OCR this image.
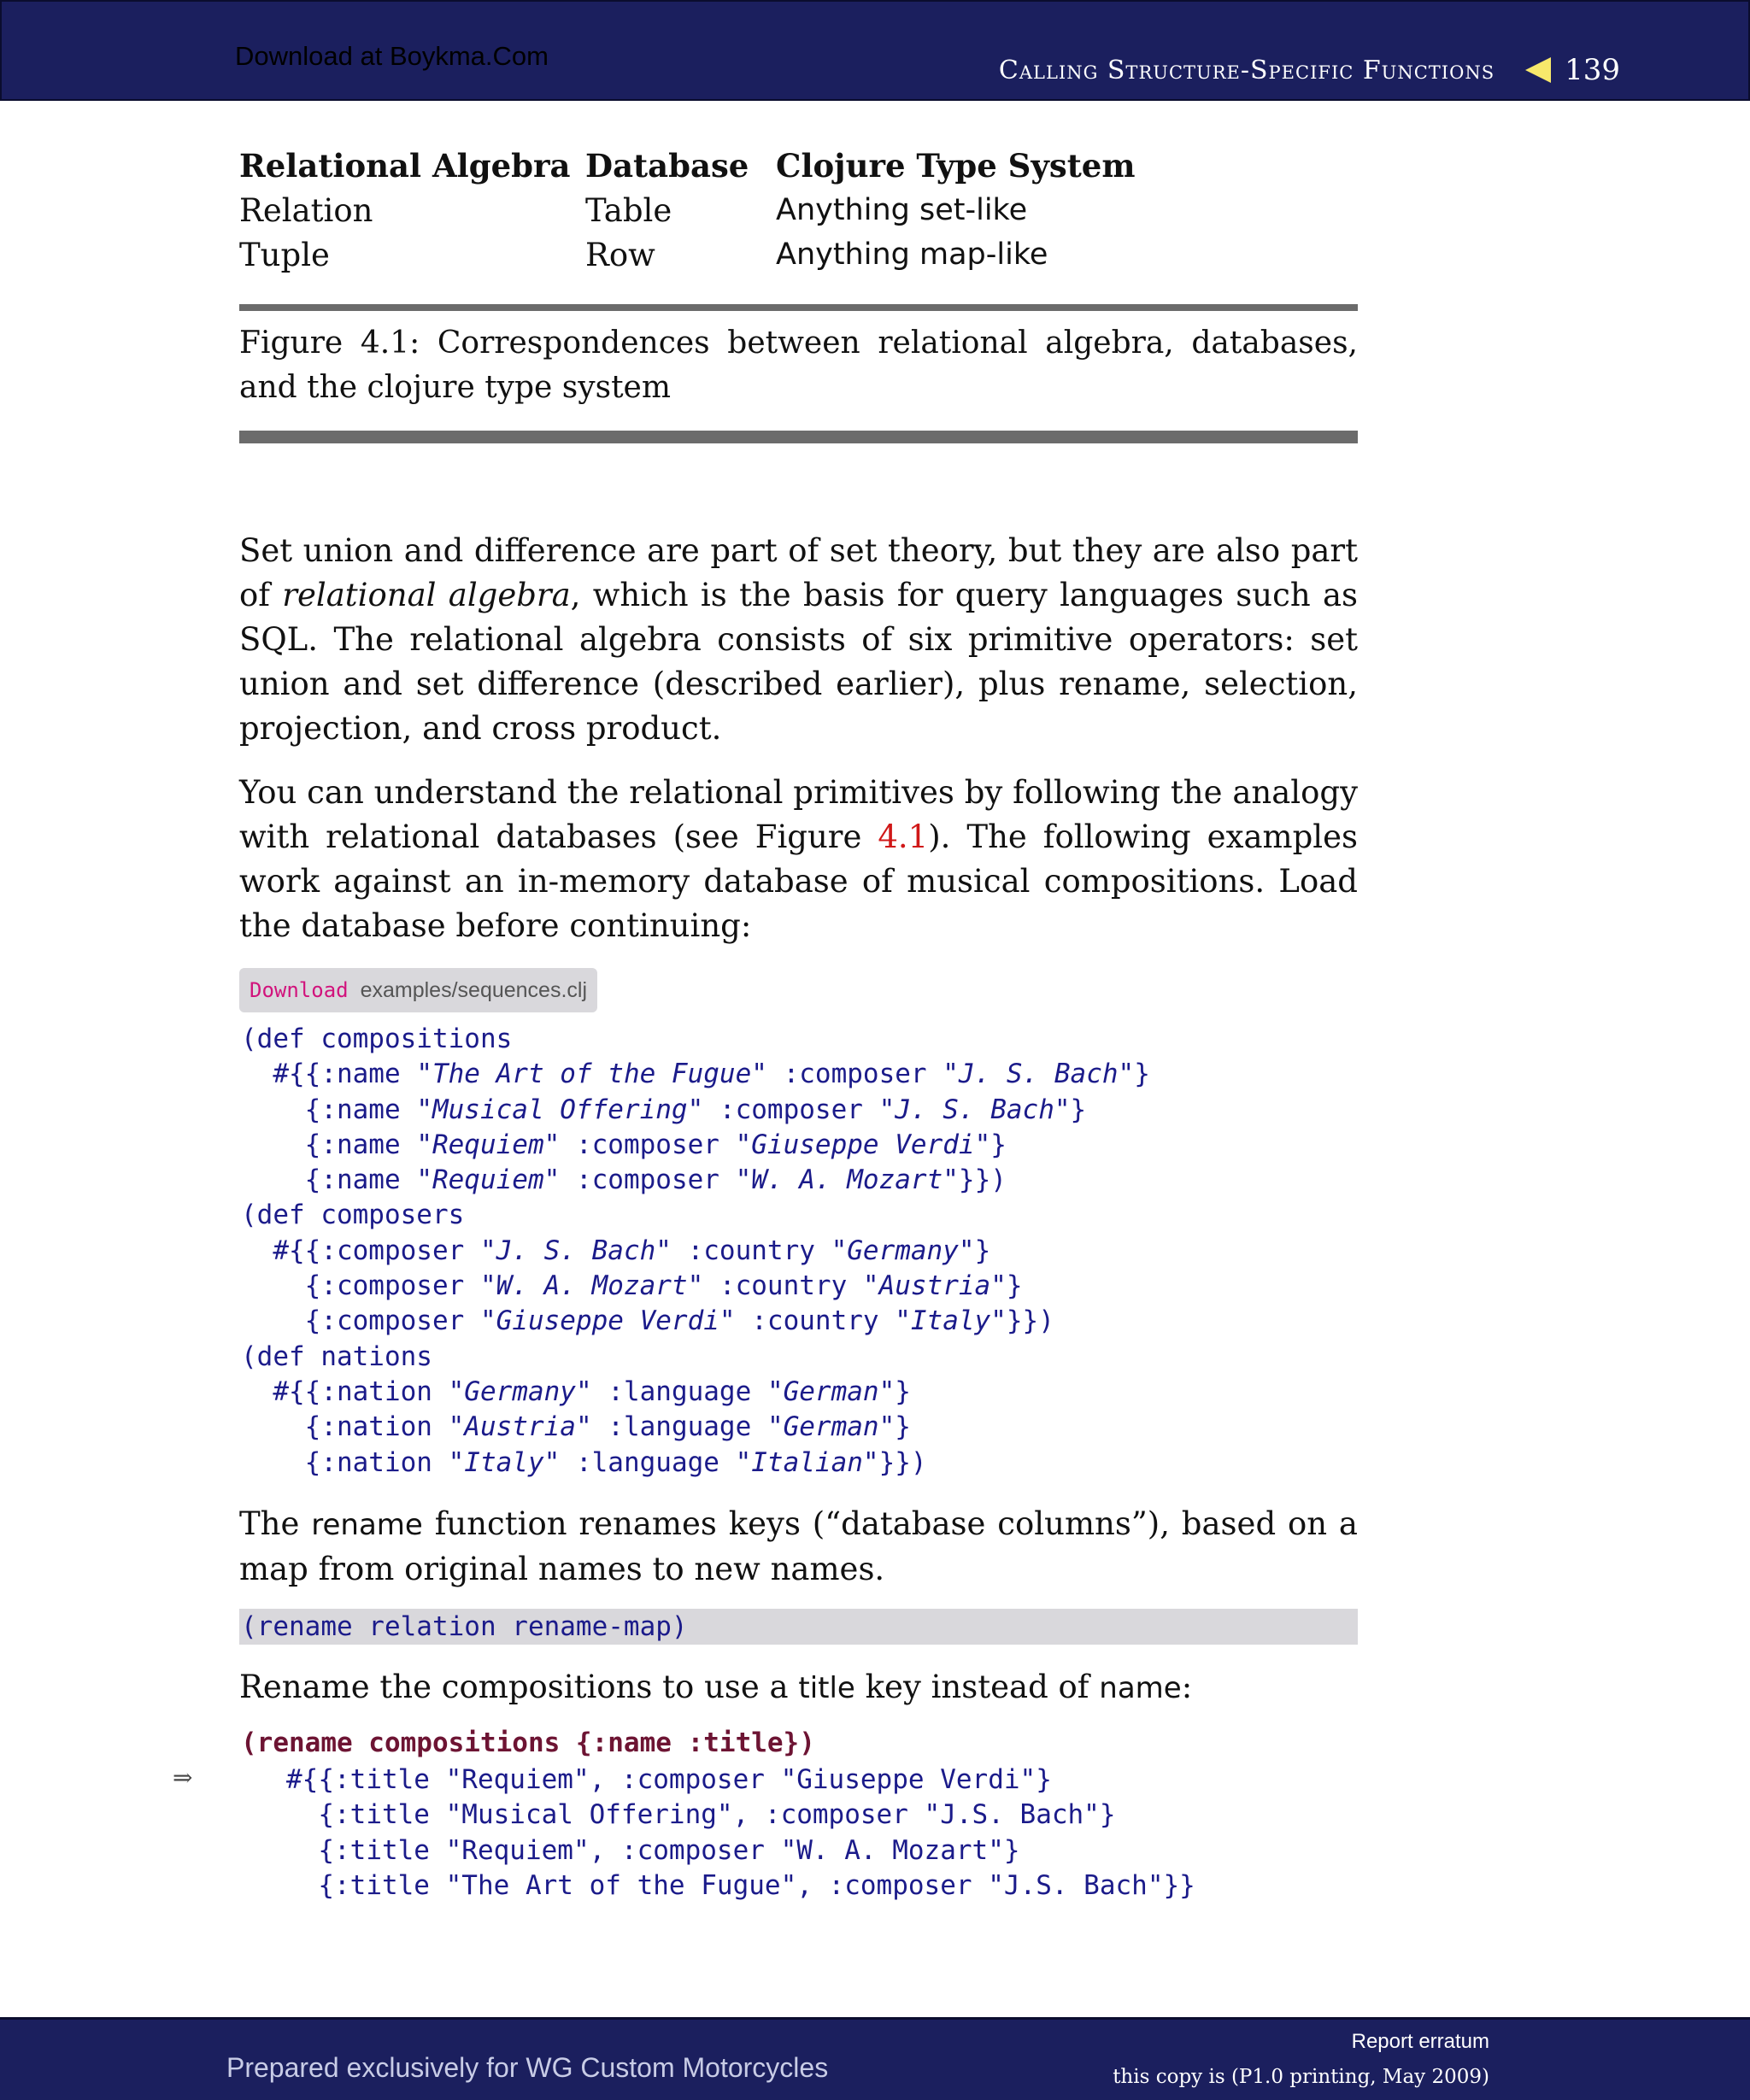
Download at Boykma.Com	Calling Structure-Specific Functions 139
Relational Algebra	Database	Clojure Type System
Relation	Table	Anything set-like
Tuple	Row	Anything map-like
Figure 4.1: Correspondences between relational algebra, databases, and the clojure type system

Set union and difference are part of set theory, but they are also part of relational algebra, which is the basis for query languages such as SQL. The relational algebra consists of six primitive operators: set union and set difference (described earlier), plus rename, selection, projection, and cross product.

You can understand the relational primitives by following the analogy with relational databases (see Figure 4.1). The following examples work against an in-memory database of musical compositions. Load the database before continuing:

Download examples/sequences.clj
(def compositions
#{{:name "The Art of the Fugue" :composer "J. S. Bach"}
{:name "Musical Offering" :composer "J. S. Bach"}
{:name "Requiem" :composer "Giuseppe Verdi"}
{:name "Requiem" :composer "W. A. Mozart"}})
(def composers
#{{:composer "J. S. Bach" :country "Germany"}
{:composer "W. A. Mozart" :country "Austria"}
{:composer "Giuseppe Verdi" :country "Italy"}})
(def nations
#{{:nation "Germany" :language "German"}
{:nation "Austria" :language "German"}
{:nation "Italy" :language "Italian"}})

The rename function renames keys (“database columns”), based on a map from original names to new names.

(rename relation rename-map)

Rename the compositions to use a title key instead of name:

(rename compositions {:name :title})
⇒	#{{:title "Requiem", :composer "Giuseppe Verdi"}
{:title "Musical Offering", :composer "J.S. Bach"}
{:title "Requiem", :composer "W. A. Mozart"}
{:title "The Art of the Fugue", :composer "J.S. Bach"}}
Prepared exclusively for WG Custom Motorcycles
Report erratum
this copy is (P1.0 printing, May 2009)
